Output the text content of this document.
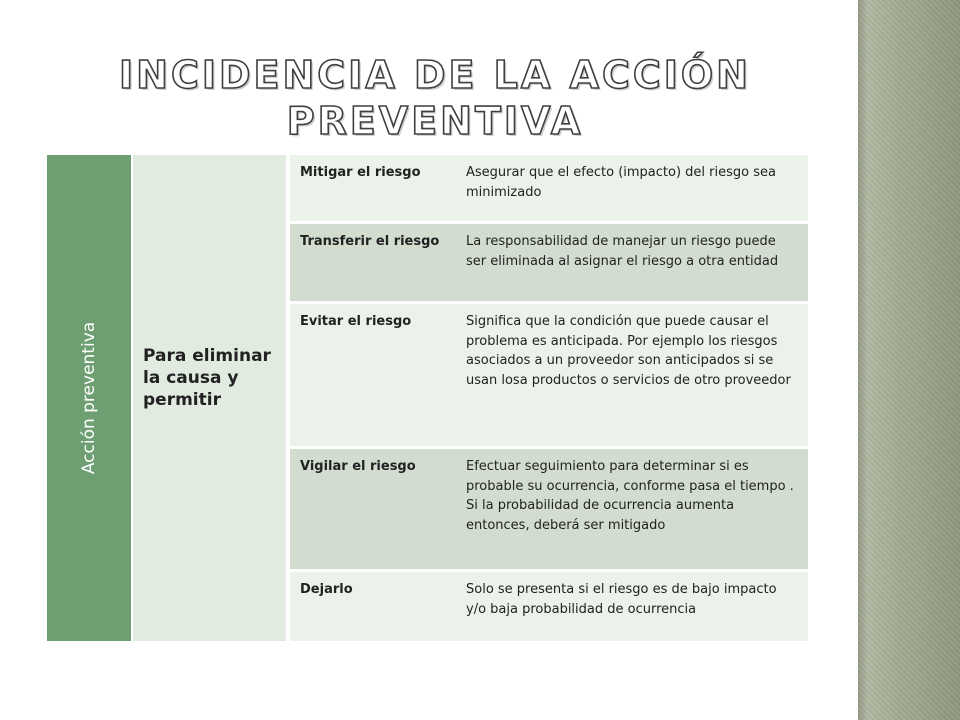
INCIDENCIA DE LA ACCIÓN
PREVENTIVA
Acción preventiva	Para eliminar la causa y permitir
Mitigar el riesgo	Asegurar que el efecto (impacto) del riesgo sea minimizado
Transferir el riesgo	La responsabilidad de manejar un riesgo puede ser eliminada al asignar el riesgo a otra entidad
Evitar el riesgo	Significa que la condición que puede causar el problema es anticipada. Por ejemplo los riesgos asociados a un proveedor son anticipados si se usan losa productos o servicios de otro proveedor
Vigilar el riesgo	Efectuar seguimiento para determinar si es probable su ocurrencia, conforme pasa el tiempo . Si la probabilidad de ocurrencia aumenta entonces, deberá ser mitigado
Dejarlo	Solo se presenta si el riesgo es de bajo impacto y/o baja probabilidad de ocurrencia
